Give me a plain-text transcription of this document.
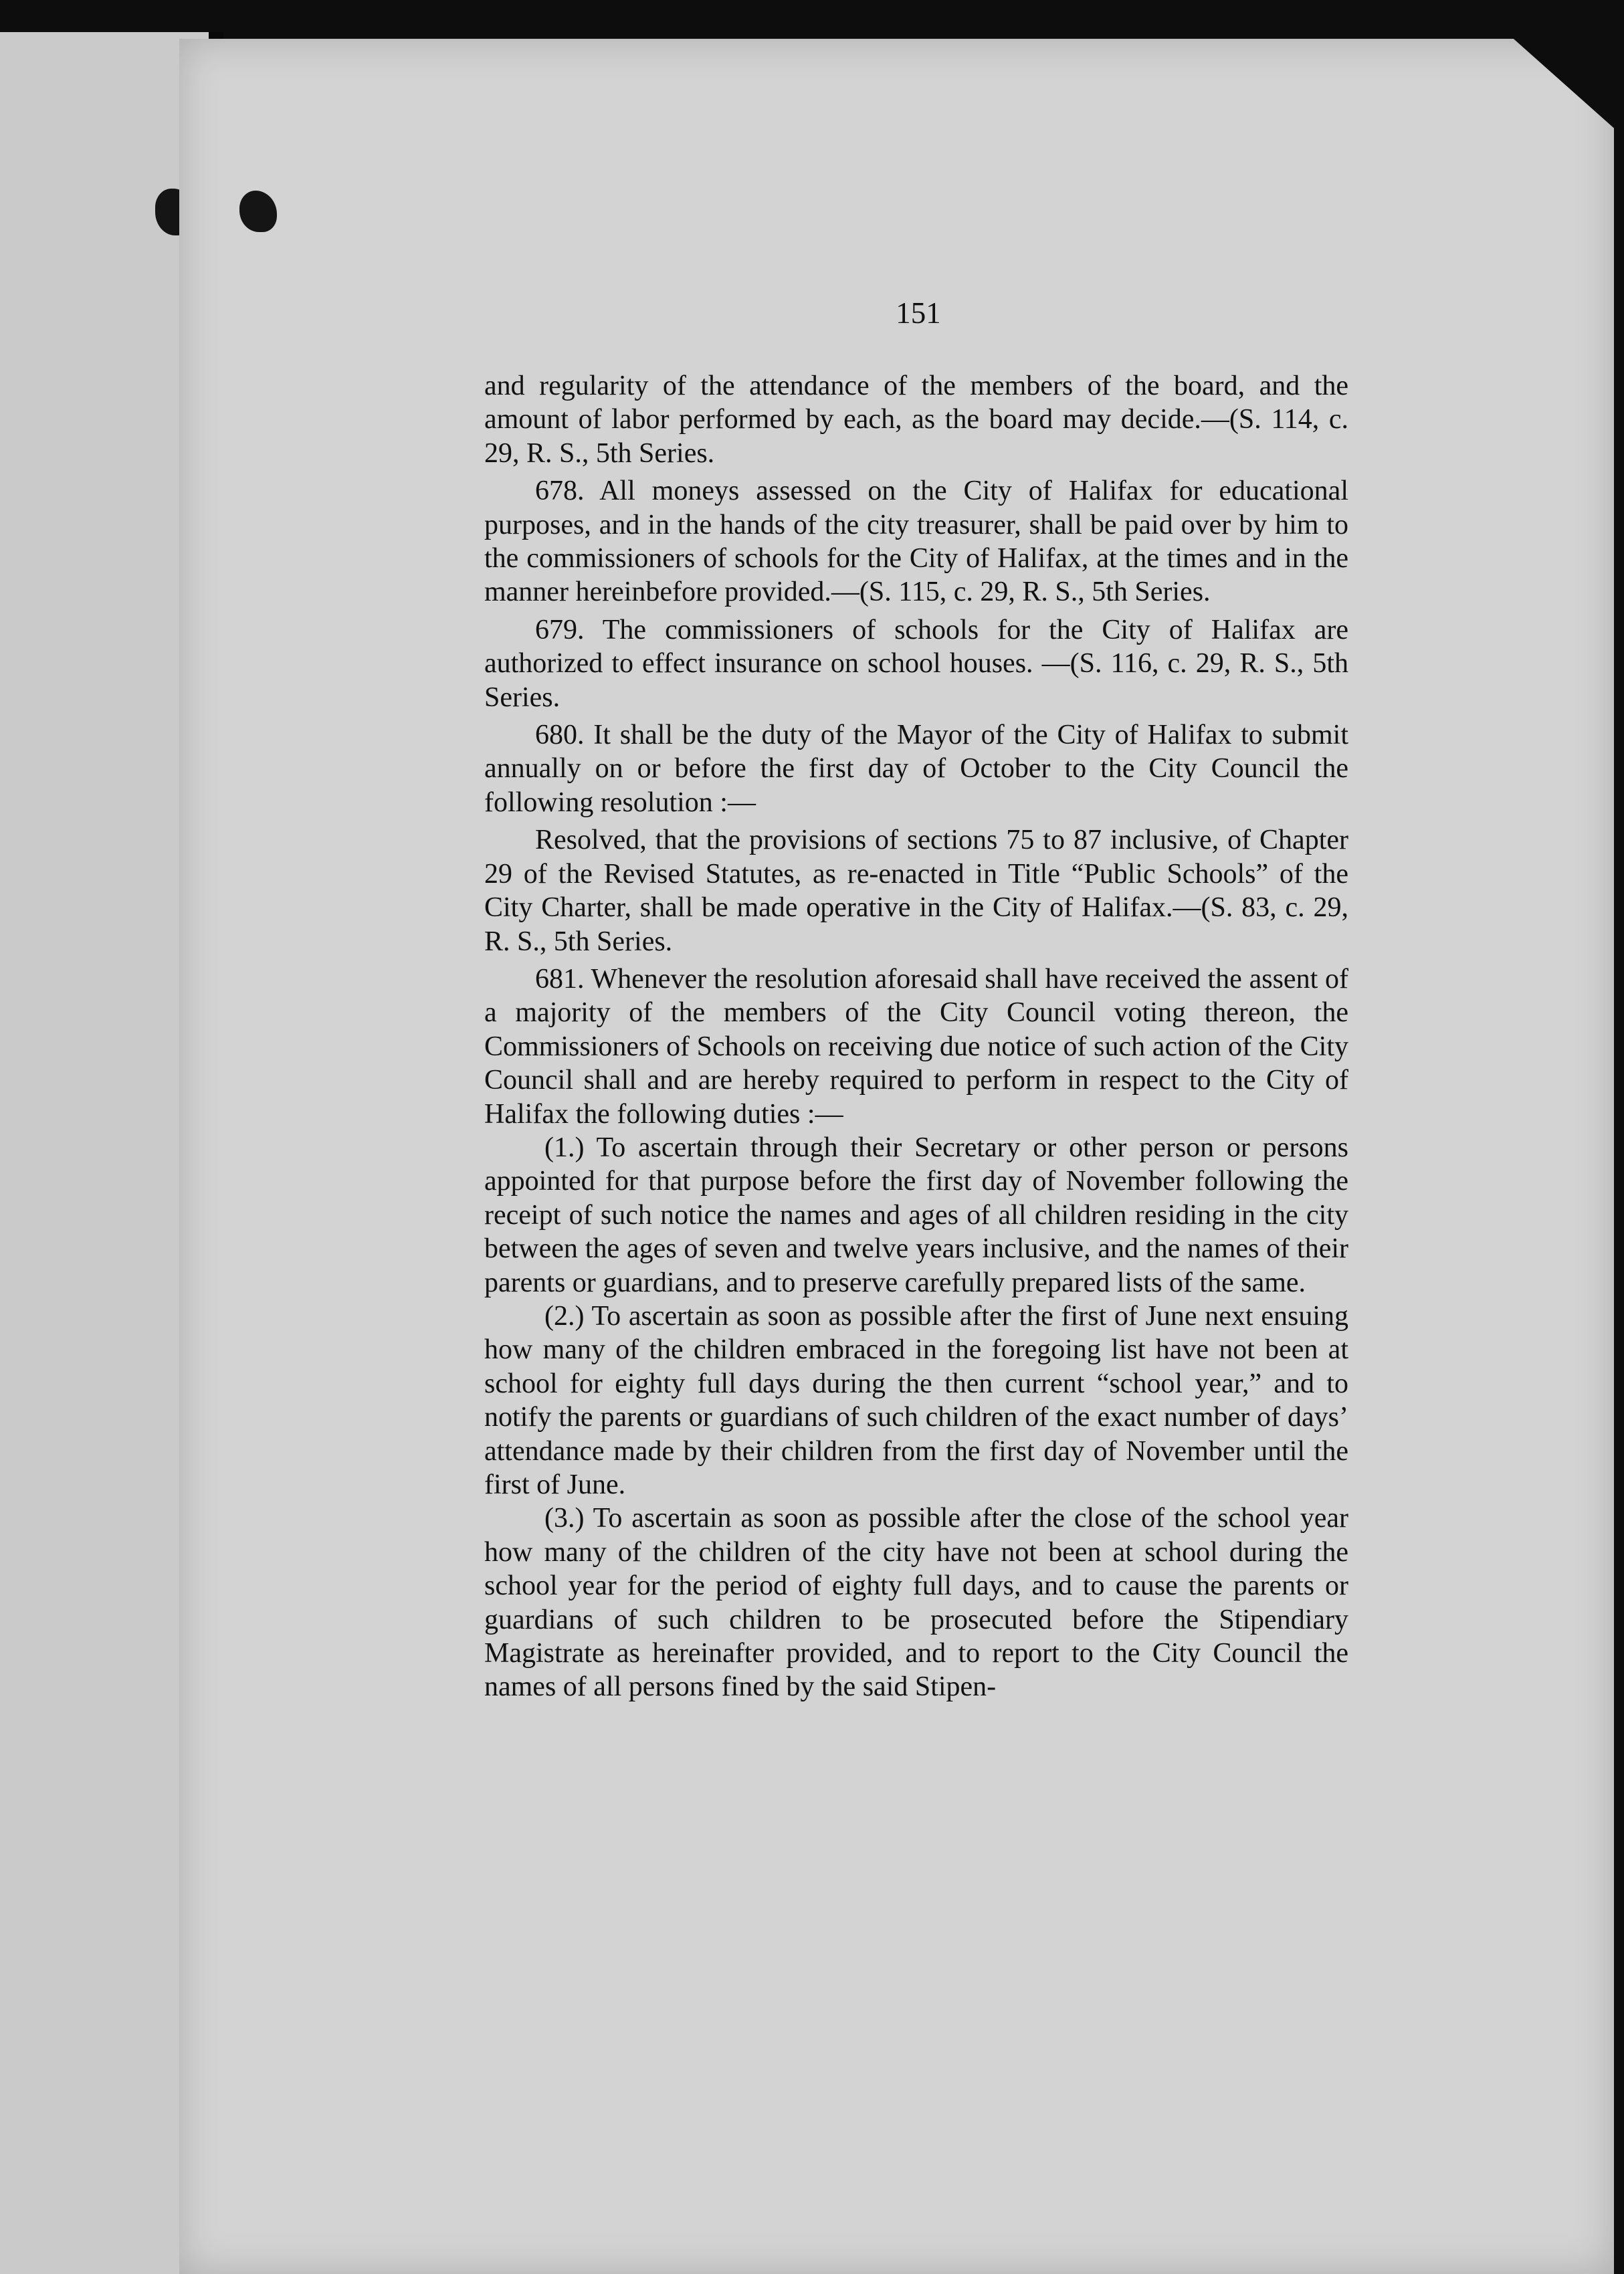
151

and regularity of the attendance of the members of the board, and the amount of labor performed by each, as the board may decide.—(S. 114, c. 29, R. S., 5th Series.

678. All moneys assessed on the City of Halifax for educational purposes, and in the hands of the city treasurer, shall be paid over by him to the commissioners of schools for the City of Halifax, at the times and in the manner hereinbefore provided.—(S. 115, c. 29, R. S., 5th Series.

679. The commissioners of schools for the City of Halifax are authorized to effect insurance on school houses. —(S. 116, c. 29, R. S., 5th Series.

680. It shall be the duty of the Mayor of the City of Halifax to submit annually on or before the first day of October to the City Council the following resolution :—

Resolved, that the provisions of sections 75 to 87 inclusive, of Chapter 29 of the Revised Statutes, as re-enacted in Title “Public Schools” of the City Charter, shall be made operative in the City of Halifax.—(S. 83, c. 29, R. S., 5th Series.

681. Whenever the resolution aforesaid shall have received the assent of a majority of the members of the City Council voting thereon, the Commissioners of Schools on receiving due notice of such action of the City Council shall and are hereby required to perform in respect to the City of Halifax the following duties :—

(1.) To ascertain through their Secretary or other person or persons appointed for that purpose before the first day of November following the receipt of such notice the names and ages of all children residing in the city between the ages of seven and twelve years inclusive, and the names of their parents or guardians, and to preserve carefully prepared lists of the same.

(2.) To ascertain as soon as possible after the first of June next ensuing how many of the children embraced in the foregoing list have not been at school for eighty full days during the then current “school year,” and to notify the parents or guardians of such children of the exact number of days’ attendance made by their children from the first day of November until the first of June.

(3.) To ascertain as soon as possible after the close of the school year how many of the children of the city have not been at school during the school year for the period of eighty full days, and to cause the parents or guardians of such children to be prosecuted before the Stipendiary Magistrate as hereinafter provided, and to report to the City Council the names of all persons fined by the said Stipen-
